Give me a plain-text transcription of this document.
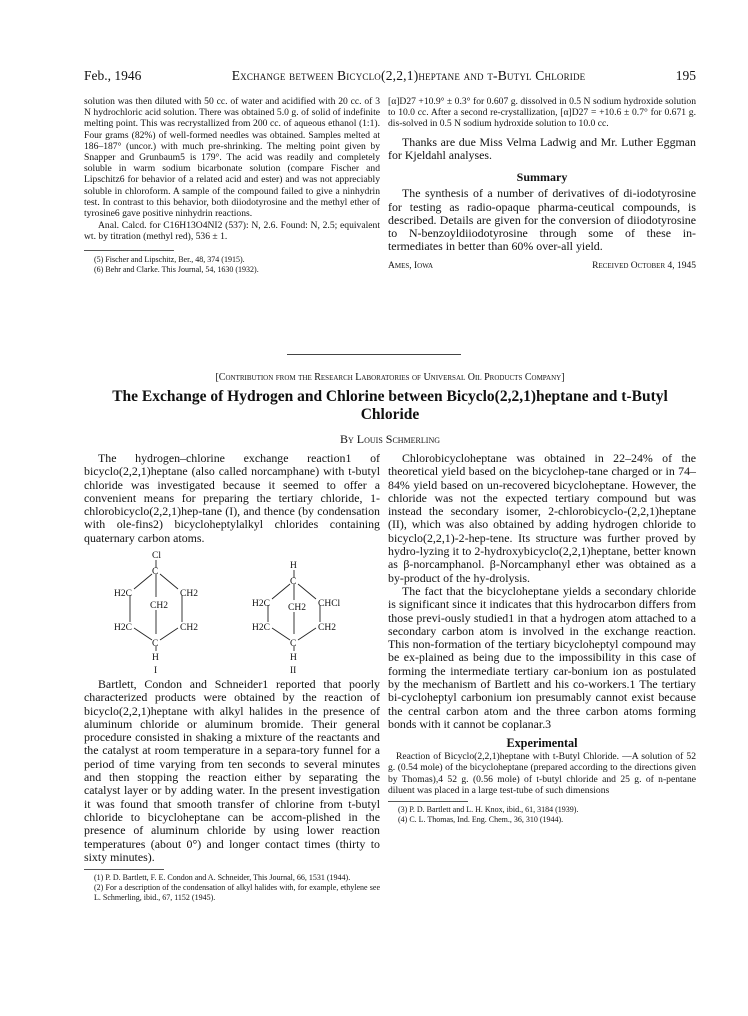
Feb., 1946	Exchange between Bicyclo(2,2,1)heptane and t-Butyl Chloride	195

solution was then diluted with 50 cc. of water and acidified with 20 cc. of 3 N hydrochloric acid solution. There was obtained 5.0 g. of solid of indefinite melting point. This was recrystallized from 200 cc. of aqueous ethanol (1:1). Four grams (82%) of well-formed needles was obtained. Samples melted at 186–187° (uncor.) with much pre-shrinking. The melting point given by Snapper and Grunbaum5 is 179°. The acid was readily and completely soluble in warm sodium bicarbonate solution (compare Fischer and Lipschitz6 for behavior of a related acid and ester) and was not appreciably soluble in chloroform. A sample of the compound failed to give a ninhydrin test. In contrast to this behavior, both diiodotyrosine and the methyl ether of tyrosine6 gave positive ninhydrin reactions.

Anal. Calcd. for C16H13O4NI2 (537): N, 2.6. Found: N, 2.5; equivalent wt. by titration (methyl red), 536 ± 1.

(5) Fischer and Lipschitz, Ber., 48, 374 (1915).

(6) Behr and Clarke. This Journal, 54, 1630 (1932).

[α]D27 +10.9° ± 0.3° for 0.607 g. dissolved in 0.5 N sodium hydroxide solution to 10.0 cc. After a second re-crystallization, [α]D27 = +10.6 ± 0.7° for 0.671 g. dis-solved in 0.5 N sodium hydroxide solution to 10.0 cc.

Thanks are due Miss Velma Ladwig and Mr. Luther Eggman for Kjeldahl analyses.

Summary

The synthesis of a number of derivatives of di-iodotyrosine for testing as radio-opaque pharma-ceutical compounds, is described. Details are given for the conversion of diiodotyrosine to N-benzoyldiiodotyrosine through some of these in-termediates in better than 60% over-all yield.

Ames, Iowa	Received October 4, 1945
[Contribution from the Research Laboratories of Universal Oil Products Company]
The Exchange of Hydrogen and Chlorine between Bicyclo(2,2,1)heptane and t-Butyl Chloride
By Louis Schmerling

The hydrogen–chlorine exchange reaction1 of bicyclo(2,2,1)heptane (also called norcamphane) with t-butyl chloride was investigated because it seemed to offer a convenient means for preparing the tertiary chloride, 1-chlorobicyclo(2,2,1)hep-tane (I), and thence (by condensation with ole-fins2) bicycloheptylalkyl chlorides containing quaternary carbon atoms.

Cl
C
H2C	CH2
CH2
H2C	CH2
C
H
I
H
C
H2C	CHCl
CH2
H2C	CH2
C
H
II

Bartlett, Condon and Schneider1 reported that poorly characterized products were obtained by the reaction of bicyclo(2,2,1)heptane with alkyl halides in the presence of aluminum chloride or aluminum bromide. Their general procedure consisted in shaking a mixture of the reactants and the catalyst at room temperature in a separa-tory funnel for a period of time varying from ten seconds to several minutes and then stopping the reaction either by separating the catalyst layer or by adding water. In the present investigation it was found that smooth transfer of chlorine from t-butyl chloride to bicycloheptane can be accom-plished in the presence of aluminum chloride by using lower reaction temperatures (about 0°) and longer contact times (thirty to sixty minutes).

(1) P. D. Bartlett, F. E. Condon and A. Schneider, This Journal, 66, 1531 (1944).

(2) For a description of the condensation of alkyl halides with, for example, ethylene see L. Schmerling, ibid., 67, 1152 (1945).

Chlorobicycloheptane was obtained in 22–24% of the theoretical yield based on the bicyclohep-tane charged or in 74–84% yield based on un-recovered bicycloheptane. However, the chloride was not the expected tertiary compound but was instead the secondary isomer, 2-chlorobicyclo-(2,2,1)heptane (II), which was also obtained by adding hydrogen chloride to bicyclo(2,2,1)-2-hep-tene. Its structure was further proved by hydro-lyzing it to 2-hydroxybicyclo(2,2,1)heptane, better known as β-norcamphanol. β-Norcamphanyl ether was obtained as a by-product of the hy-drolysis.

The fact that the bicycloheptane yields a secondary chloride is significant since it indicates that this hydrocarbon differs from those previ-ously studied1 in that a hydrogen atom attached to a secondary carbon atom is involved in the exchange reaction. This non-formation of the tertiary bicycloheptyl compound may be ex-plained as being due to the impossibility in this case of forming the intermediate tertiary car-bonium ion as postulated by the mechanism of Bartlett and his co-workers.1 The tertiary bi-cycloheptyl carbonium ion presumably cannot exist because the central carbon atom and the three carbon atoms forming bonds with it cannot be coplanar.3

Experimental

Reaction of Bicyclo(2,2,1)heptane with t-Butyl Chloride. —A solution of 52 g. (0.54 mole) of the bicycloheptane (prepared according to the directions given by Thomas),4 52 g. (0.56 mole) of t-butyl chloride and 25 g. of n-pentane diluent was placed in a large test-tube of such dimensions

(3) P. D. Bartlett and L. H. Knox, ibid., 61, 3184 (1939).

(4) C. L. Thomas, Ind. Eng. Chem., 36, 310 (1944).
